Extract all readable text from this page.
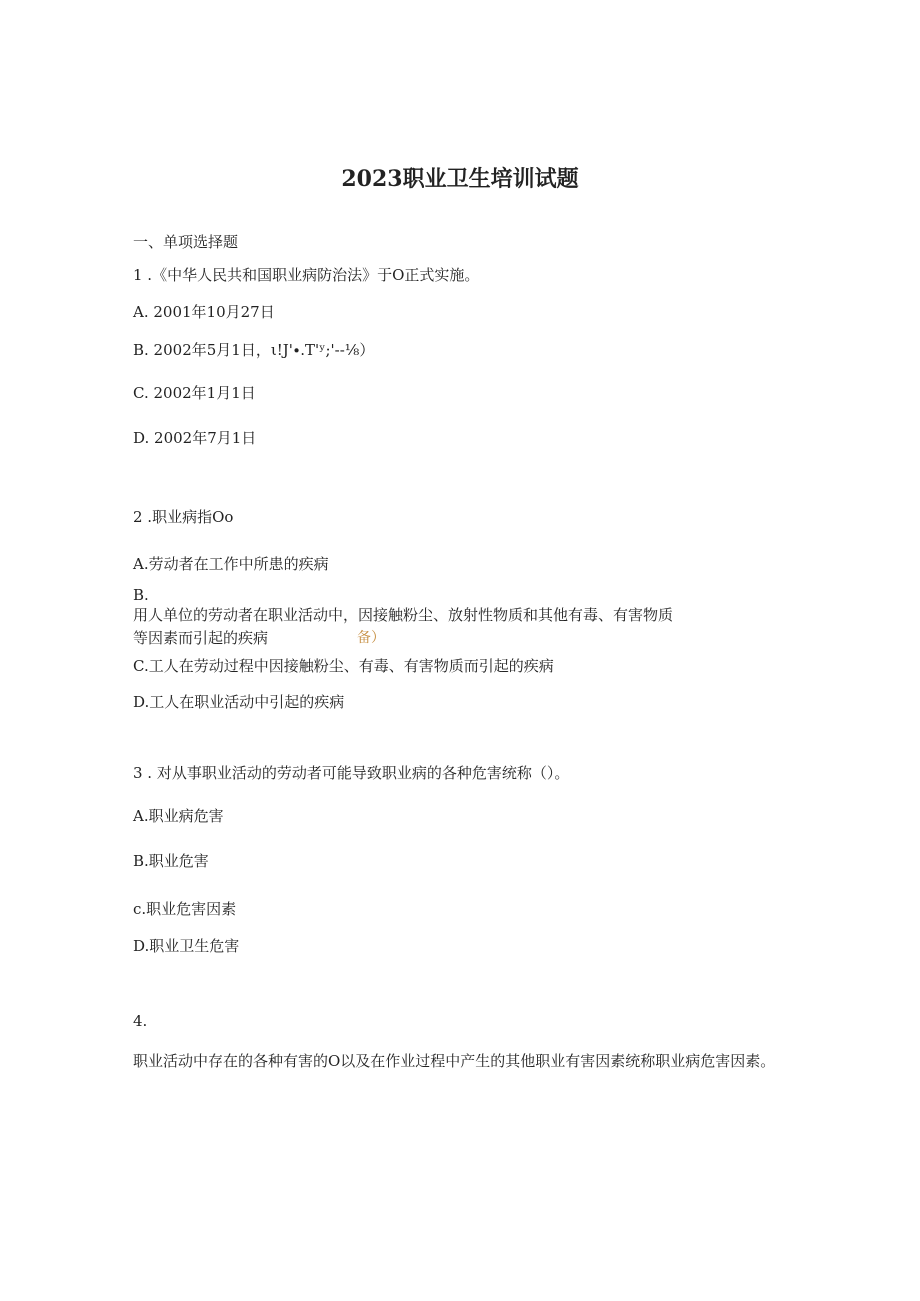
2023职业卫生培训试题
一、单项选择题
1 .《中华人民共和国职业病防治法》于O正式实施。
A. 2001年10月27日
B. 2002年5月1日，ι!J'∙.T'ʸ;'--⅛）
C. 2002年1月1日
D. 2002年7月1日
2 .职业病指Oo
A.劳动者在工作中所患的疾病
B.
用人单位的劳动者在职业活动中，因接触粉尘、放射性物质和其他有毒、有害物质
等因素而引起的疾病	备）
C.工人在劳动过程中因接触粉尘、有毒、有害物质而引起的疾病
D.工人在职业活动中引起的疾病
3 . 对从事职业活动的劳动者可能导致职业病的各种危害统称（）。
A.职业病危害
B.职业危害
c.职业危害因素
D.职业卫生危害
4.
职业活动中存在的各种有害的O以及在作业过程中产生的其他职业有害因素统称职业病危害因素。
